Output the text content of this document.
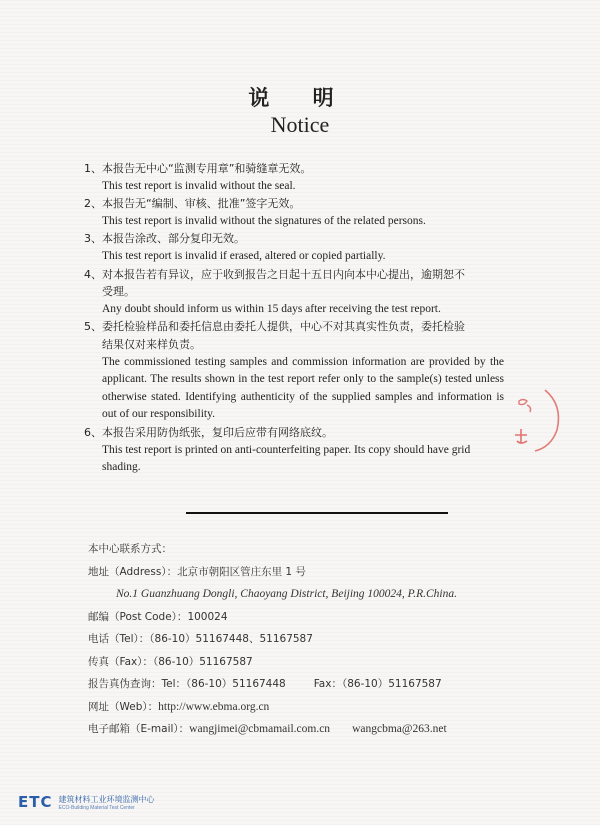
说 明
Notice
1、本报告无中心“监测专用章”和骑缝章无效。
This test report is invalid without the seal.
2、本报告无“编制、审核、批准”签字无效。
This test report is invalid without the signatures of the related persons.
3、本报告涂改、部分复印无效。
This test report is invalid if erased, altered or copied partially.
4、对本报告若有异议，应于收到报告之日起十五日内向本中心提出，逾期恕不
受理。
Any doubt should inform us within 15 days after receiving the test report.
5、委托检验样品和委托信息由委托人提供，中心不对其真实性负责，委托检验
结果仅对来样负责。
The commissioned testing samples and commission information are provided by the applicant. The results shown in the test report refer only to the sample(s) tested unless otherwise stated. Identifying authenticity of the supplied samples and information is out of our responsibility.
6、本报告采用防伪纸张，复印后应带有网络底纹。
This test report is printed on anti-counterfeiting paper. Its copy should have grid shading.
本中心联系方式：
地址（Address）：北京市朝阳区管庄东里 1 号
No.1 Guanzhuang Dongli, Chaoyang District, Beijing 100024, P.R.China.
邮编（Post Code）：100024
电话（Tel）：（86-10）51167448、51167587
传真（Fax）：（86-10）51167587
报告真伪查询：Tel：（86-10）51167448	Fax：（86-10）51167587
网址（Web）：http://www.ebma.org.cn
电子邮箱（E-mail）：wangjimei@cbmamail.com.cn wangcbma@263.net
ETC 建筑材料工业环境监测中心
ECO-Building Material Test Center
